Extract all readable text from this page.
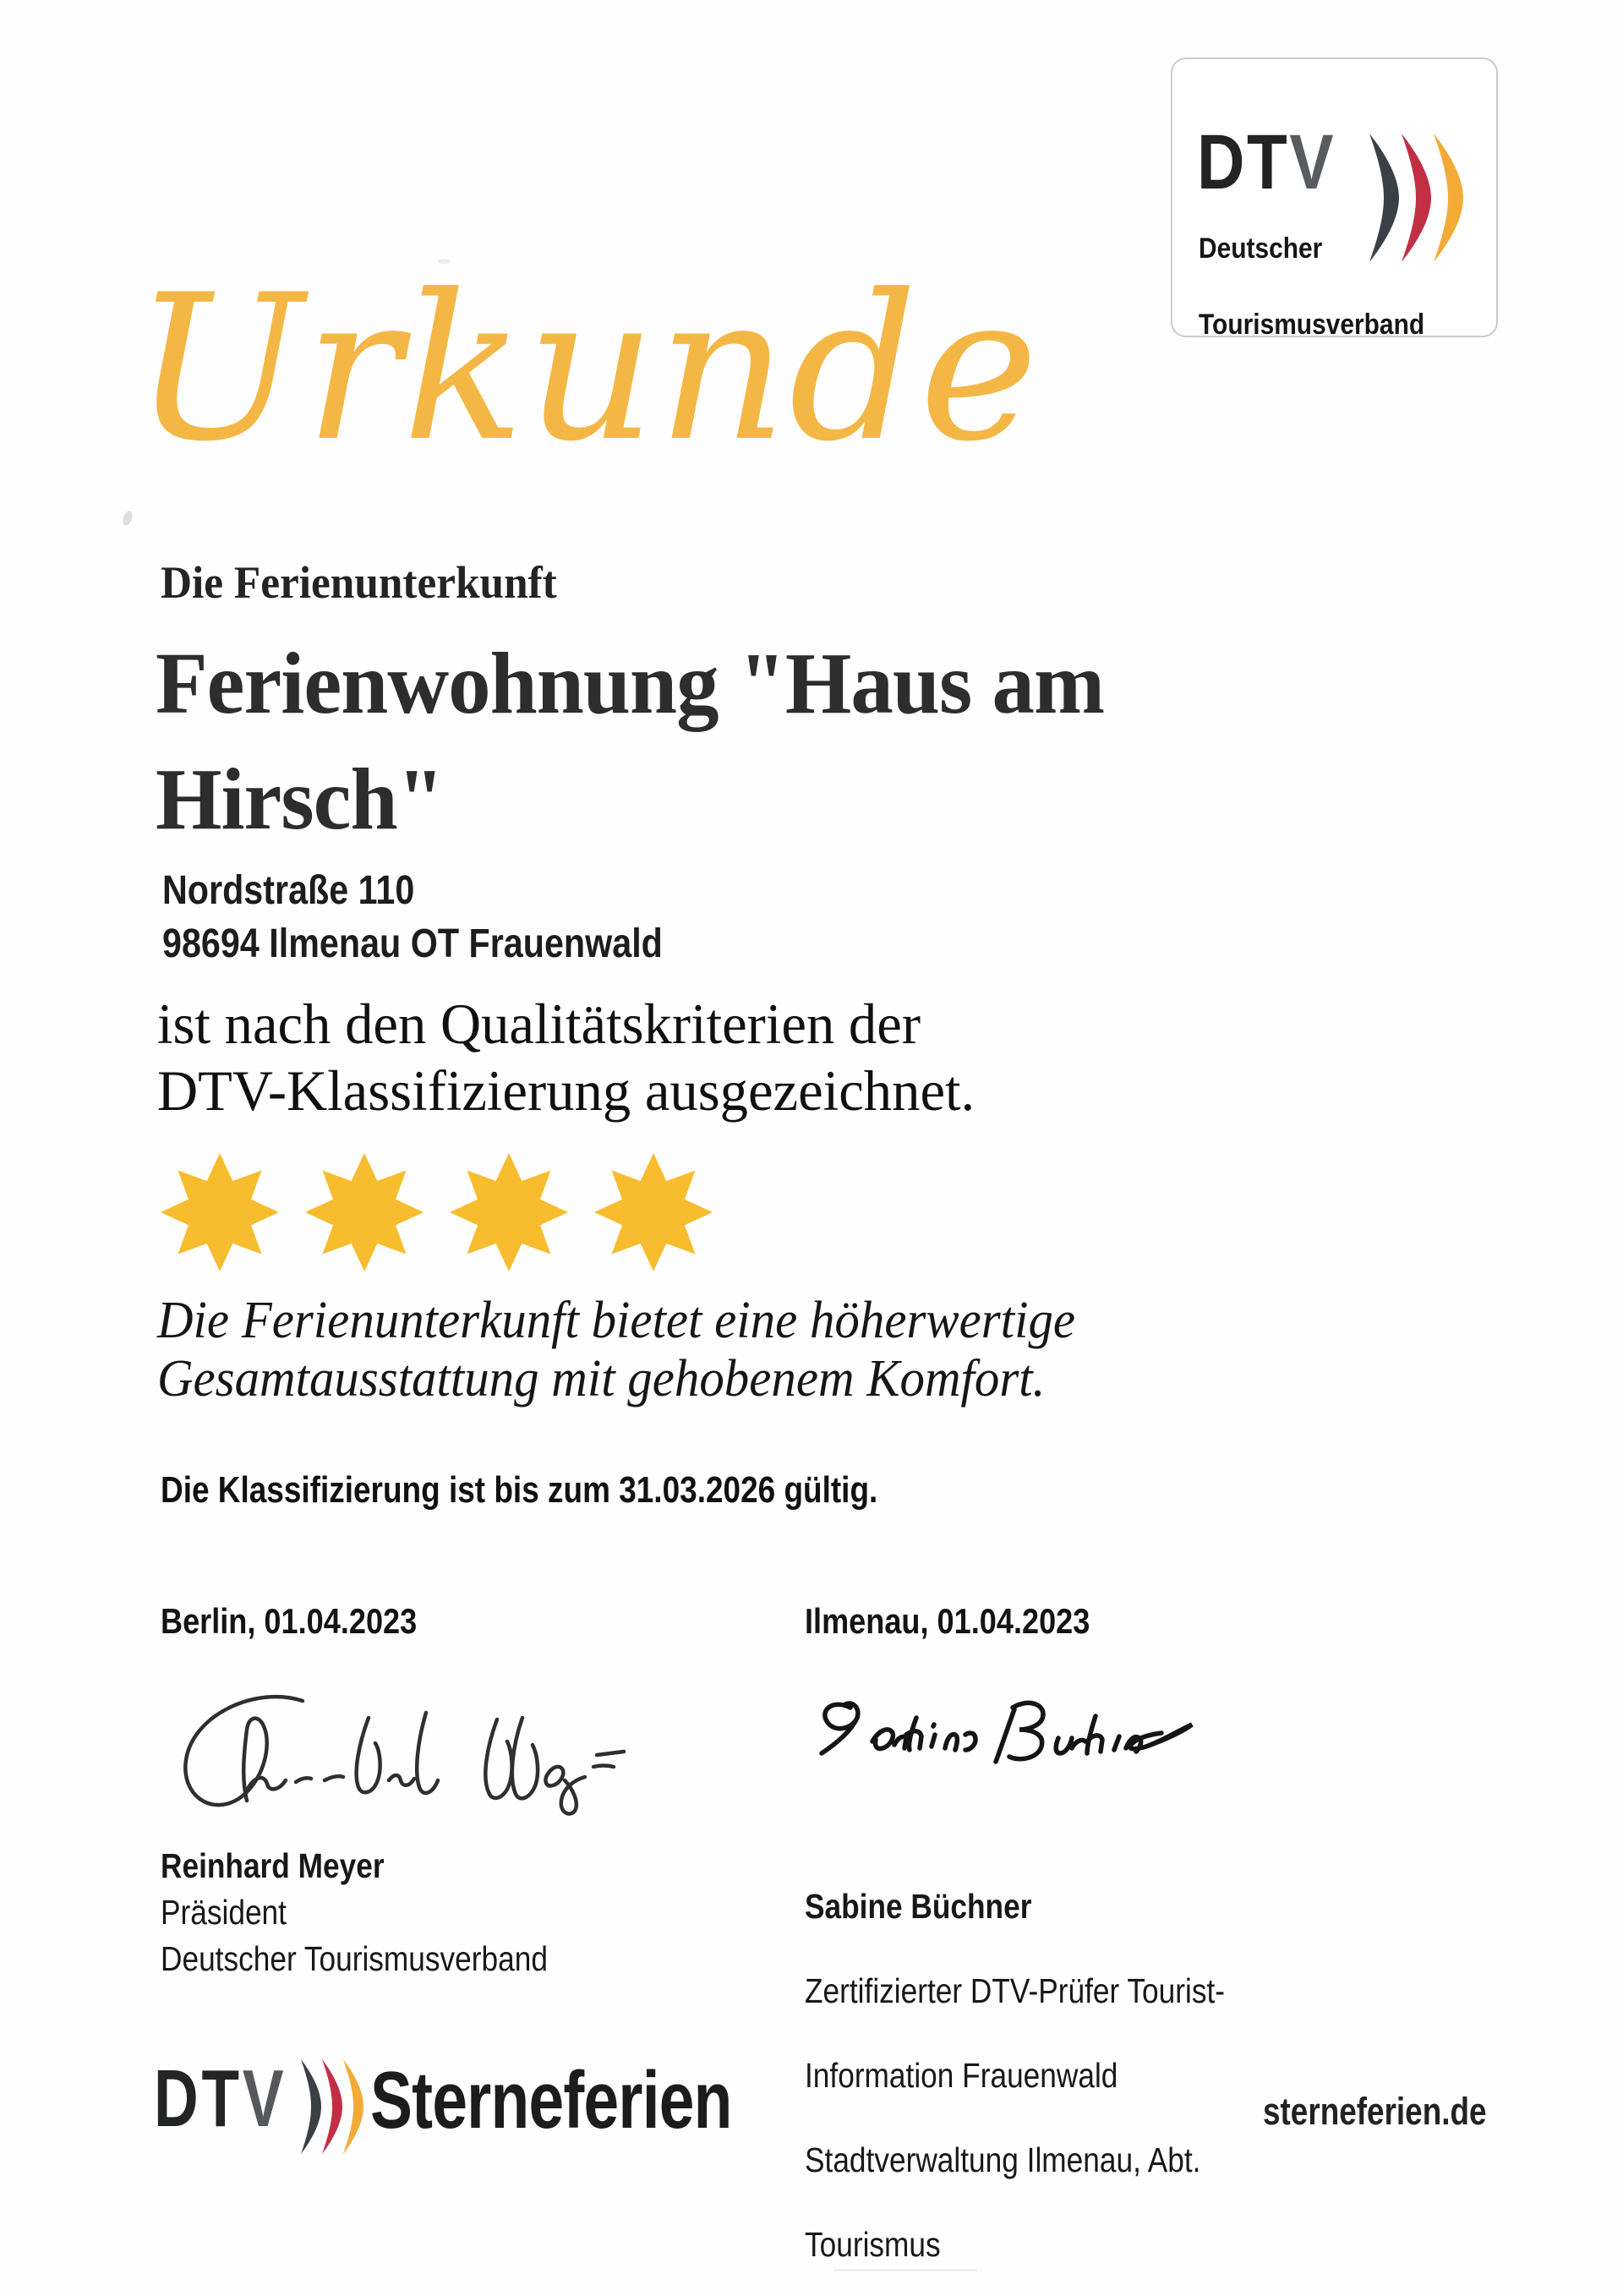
DTV
Deutscher

Tourismusverband
Urkunde
Die Ferienunterkunft
Ferienwohnung "Haus am
Hirsch"
Nordstraße 110
98694 Ilmenau OT Frauenwald
ist nach den Qualitätskriterien der
DTV-Klassifizierung ausgezeichnet.
Die Ferienunterkunft bietet eine höherwertige
Gesamtausstattung mit gehobenem Komfort.
Die Klassifizierung ist bis zum 31.03.2026 gültig.
Berlin, 01.04.2023	Ilmenau, 01.04.2023
Reinhard Meyer
Präsident
Deutscher Tourismusverband

Sabine Büchner

Zertifizierter DTV-Prüfer Tourist-

Information Frauenwald

Stadtverwaltung Ilmenau, Abt.

Tourismus

DTV Sterneferien	sterneferien.de
